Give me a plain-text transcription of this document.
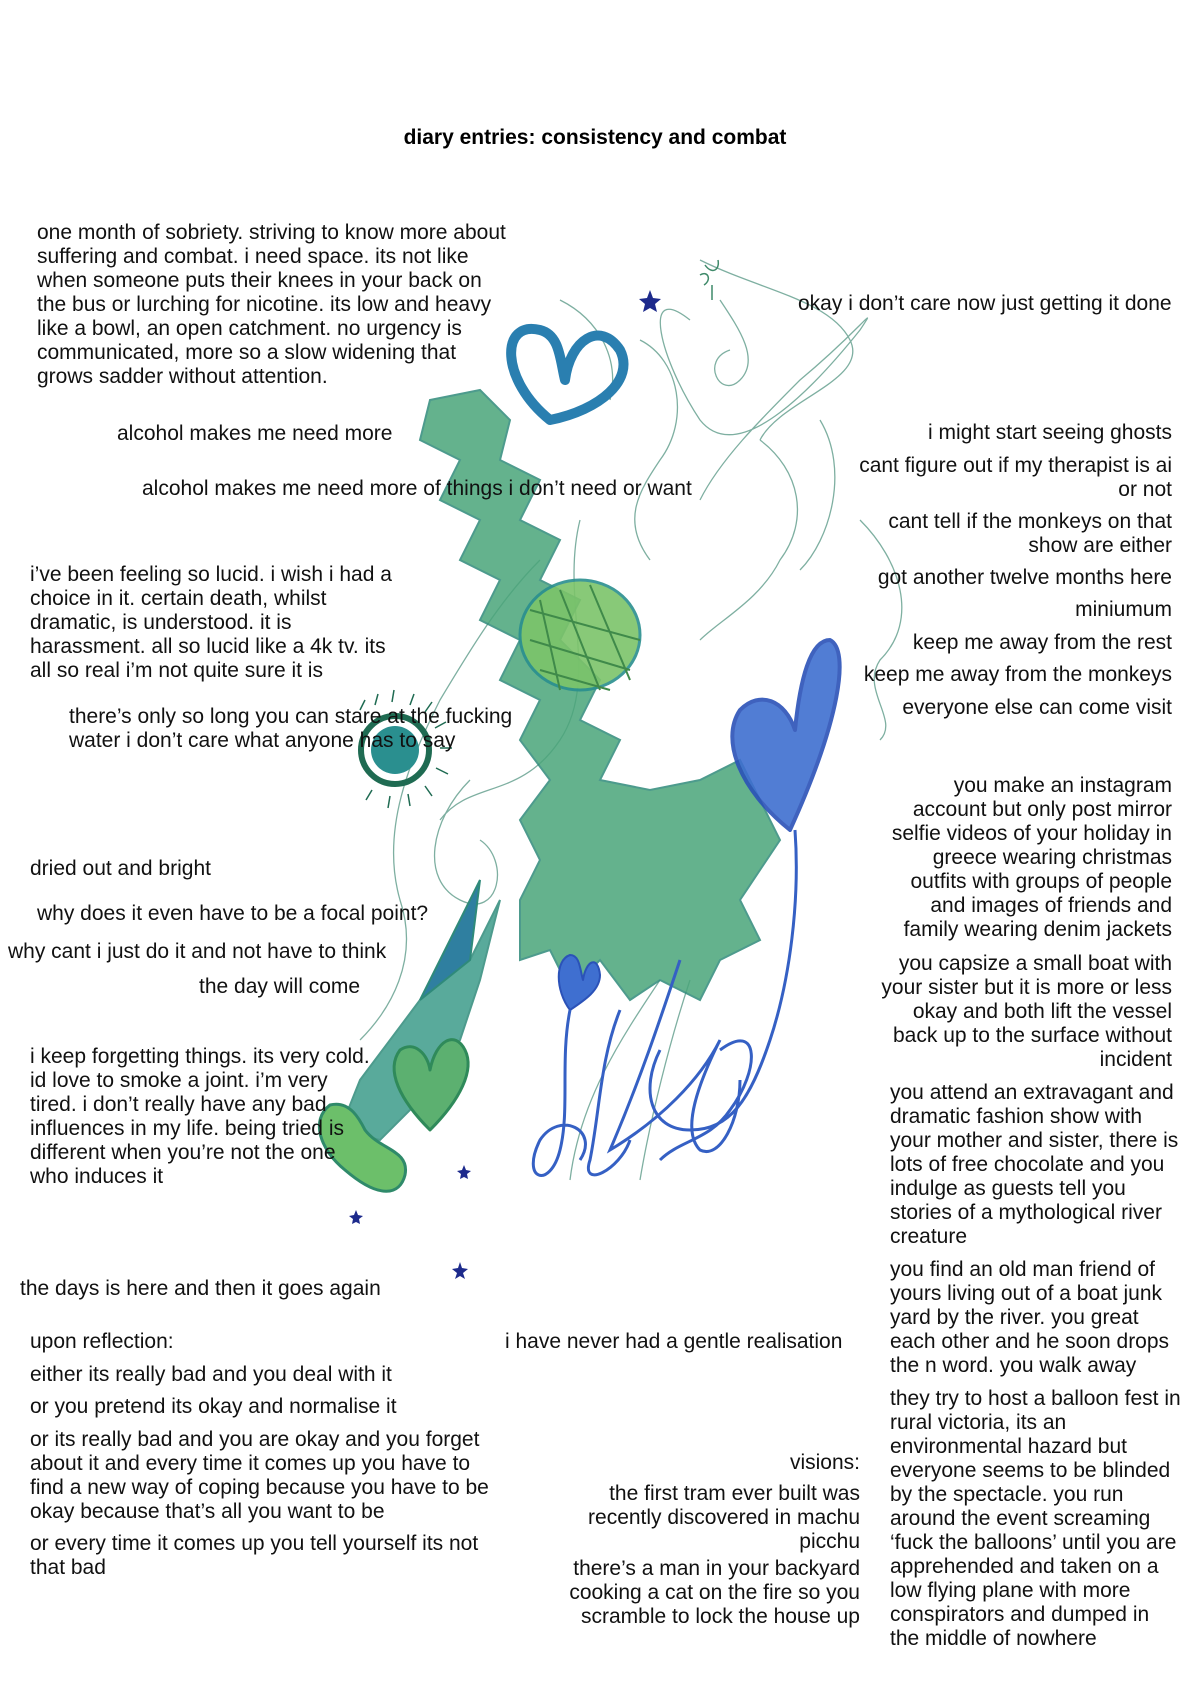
diary entries: consistency and combat

one month of sobriety. striving to know more about
suffering and combat. i need space. its not like
when someone puts their knees in your back on
the bus or lurching for nicotine. its low and heavy
like a bowl, an open catchment. no urgency is
communicated, more so a slow widening that
grows sadder without attention.

alcohol makes me need more

alcohol makes me need more of things i don’t need or want

i’ve been feeling so lucid. i wish i had a
choice in it. certain death, whilst
dramatic, is understood. it is
harassment. all so lucid like a 4k tv. its
all so real i’m not quite sure it is

there’s only so long you can stare at the fucking
water i don’t care what anyone has to say

dried out and bright

why does it even have to be a focal point?

why cant i just do it and not have to think

the day will come

i keep forgetting things. its very cold.
id love to smoke a joint. i’m very
tired. i don’t really have any bad
influences in my life. being tried is
different when you’re not the one
who induces it

the days is here and then it goes again

upon reflection:

either its really bad and you deal with it

or you pretend its okay and normalise it

or its really bad and you are okay and you forget
about it and every time it comes up you have to
find a new way of coping because you have to be
okay because that’s all you want to be

or every time it comes up you tell yourself its not
that bad

i have never had a gentle realisation

visions:

the first tram ever built was
recently discovered in machu
picchu

there’s a man in your backyard
cooking a cat on the fire so you
scramble to lock the house up

okay i don’t care now just getting it done

i might start seeing ghosts

cant figure out if my therapist is ai
or not

cant tell if the monkeys on that
show are either

got another twelve months here

miniumum

keep me away from the rest

keep me away from the monkeys

everyone else can come visit

you make an instagram
account but only post mirror
selfie videos of your holiday in
greece wearing christmas
outfits with groups of people
and images of friends and
family wearing denim jackets

you capsize a small boat with
your sister but it is more or less
okay and both lift the vessel
back up to the surface without
incident

you attend an extravagant and
dramatic fashion show with
your mother and sister, there is
lots of free chocolate and you
indulge as guests tell you
stories of a mythological river
creature

you find an old man friend of
yours living out of a boat junk
yard by the river. you great
each other and he soon drops
the n word. you walk away

they try to host a balloon fest in
rural victoria, its an
environmental hazard but
everyone seems to be blinded
by the spectacle. you run
around the event screaming
‘fuck the balloons’ until you are
apprehended and taken on a
low flying plane with more
conspirators and dumped in
the middle of nowhere
